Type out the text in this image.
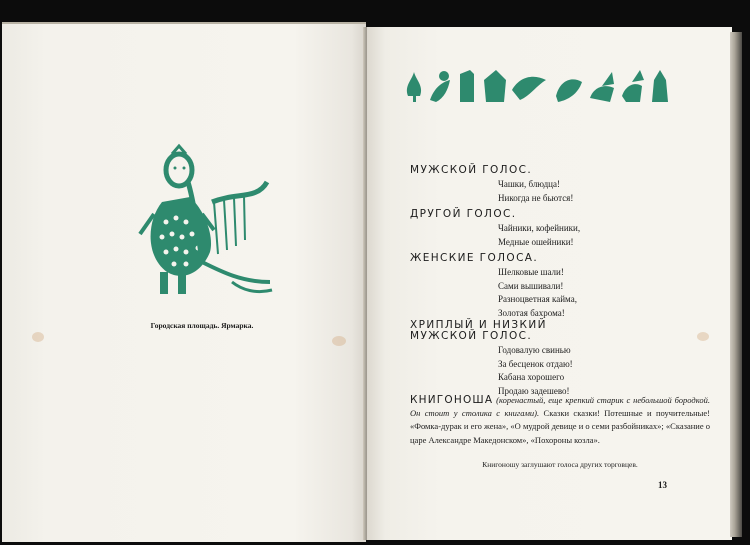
Городская площадь. Ярмарка.
МУЖСКОЙ ГОЛОС.
Чашки, блюдца!
Никогда не бьются!
ДРУГОЙ ГОЛОС.
Чайники, кофейники,
Медные ошейники!
ЖЕНСКИЕ ГОЛОСА.
Шелковые шали!
Сами вышивали!
Разноцветная кайма,
Золотая бахрома!
ХРИПЛЫЙ И НИЗКИЙ
МУЖСКОЙ ГОЛОС.
Годовалую свинью
За бесценок отдаю!
Кабана хорошего
Продаю задешево!

КНИГОНОША (коренастый, еще крепкий старик с небольшой бородкой. Он стоит у столика с книгами). Сказки сказки! Потешные и поучительные! «Фомка-дурак и его жена», «О мудрой девице и о семи разбойниках»; «Сказание о царе Александре Македонском», «Похороны козла».

Книгоношу заглушают голоса других торговцев.
13
